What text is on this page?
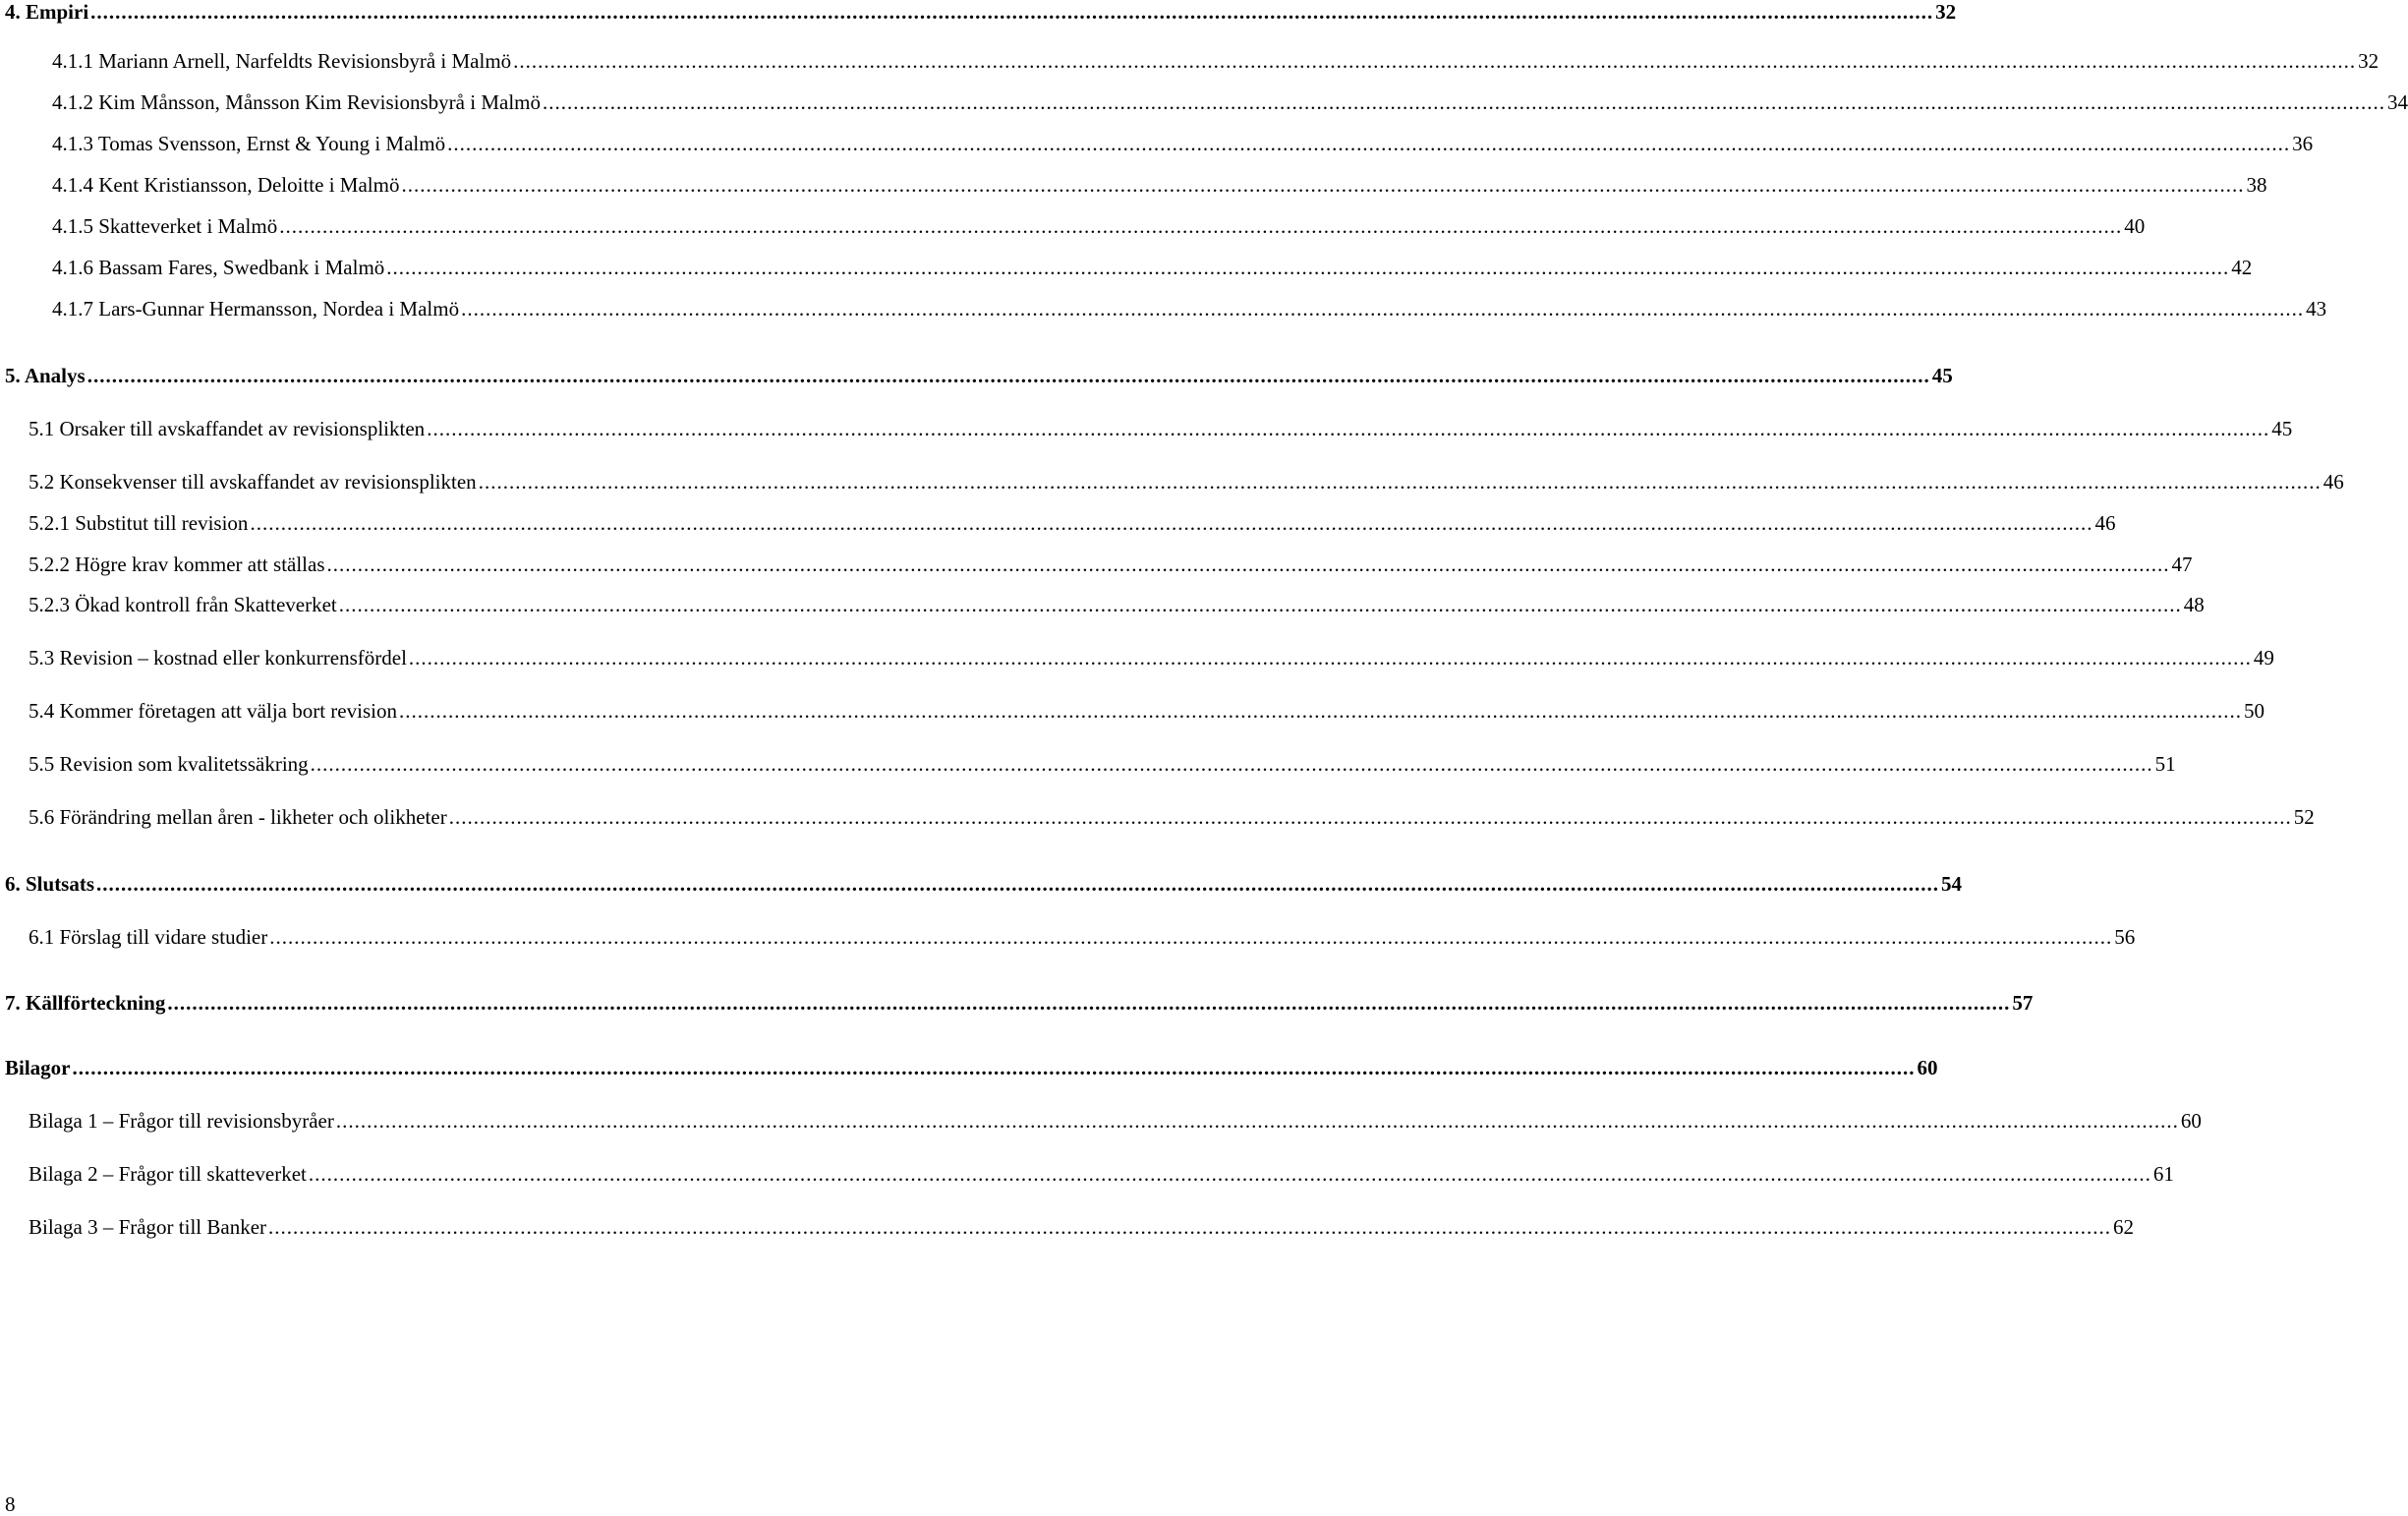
4. Empiri ............................................................................................................................................................................................................................................................................................................ 32
4.1.1 Mariann Arnell, Narfeldts Revisionsbyrå i Malmö ............................................................................................................................................................................................................................................................................................................ 32
4.1.2 Kim Månsson, Månsson Kim Revisionsbyrå i Malmö ............................................................................................................................................................................................................................................................................................................ 34
4.1.3 Tomas Svensson, Ernst & Young i Malmö ............................................................................................................................................................................................................................................................................................................ 36
4.1.4 Kent Kristiansson, Deloitte i Malmö ............................................................................................................................................................................................................................................................................................................ 38
4.1.5 Skatteverket i Malmö ............................................................................................................................................................................................................................................................................................................ 40
4.1.6 Bassam Fares, Swedbank i Malmö ............................................................................................................................................................................................................................................................................................................ 42
4.1.7 Lars-Gunnar Hermansson, Nordea i Malmö ............................................................................................................................................................................................................................................................................................................ 43
5. Analys ............................................................................................................................................................................................................................................................................................................ 45
5.1 Orsaker till avskaffandet av revisionsplikten ............................................................................................................................................................................................................................................................................................................ 45
5.2 Konsekvenser till avskaffandet av revisionsplikten ............................................................................................................................................................................................................................................................................................................ 46
5.2.1 Substitut till revision ............................................................................................................................................................................................................................................................................................................ 46
5.2.2 Högre krav kommer att ställas ............................................................................................................................................................................................................................................................................................................ 47
5.2.3 Ökad kontroll från Skatteverket ............................................................................................................................................................................................................................................................................................................ 48
5.3 Revision – kostnad eller konkurrensfördel ............................................................................................................................................................................................................................................................................................................ 49
5.4 Kommer företagen att välja bort revision ............................................................................................................................................................................................................................................................................................................ 50
5.5 Revision som kvalitetssäkring ............................................................................................................................................................................................................................................................................................................ 51
5.6 Förändring mellan åren - likheter och olikheter ............................................................................................................................................................................................................................................................................................................ 52
6. Slutsats ............................................................................................................................................................................................................................................................................................................ 54
6.1 Förslag till vidare studier ............................................................................................................................................................................................................................................................................................................ 56
7. Källförteckning ............................................................................................................................................................................................................................................................................................................ 57
Bilagor ............................................................................................................................................................................................................................................................................................................ 60
Bilaga 1 – Frågor till revisionsbyråer ............................................................................................................................................................................................................................................................................................................ 60
Bilaga 2 – Frågor till skatteverket ............................................................................................................................................................................................................................................................................................................ 61
Bilaga 3 – Frågor till Banker ............................................................................................................................................................................................................................................................................................................ 62
8
